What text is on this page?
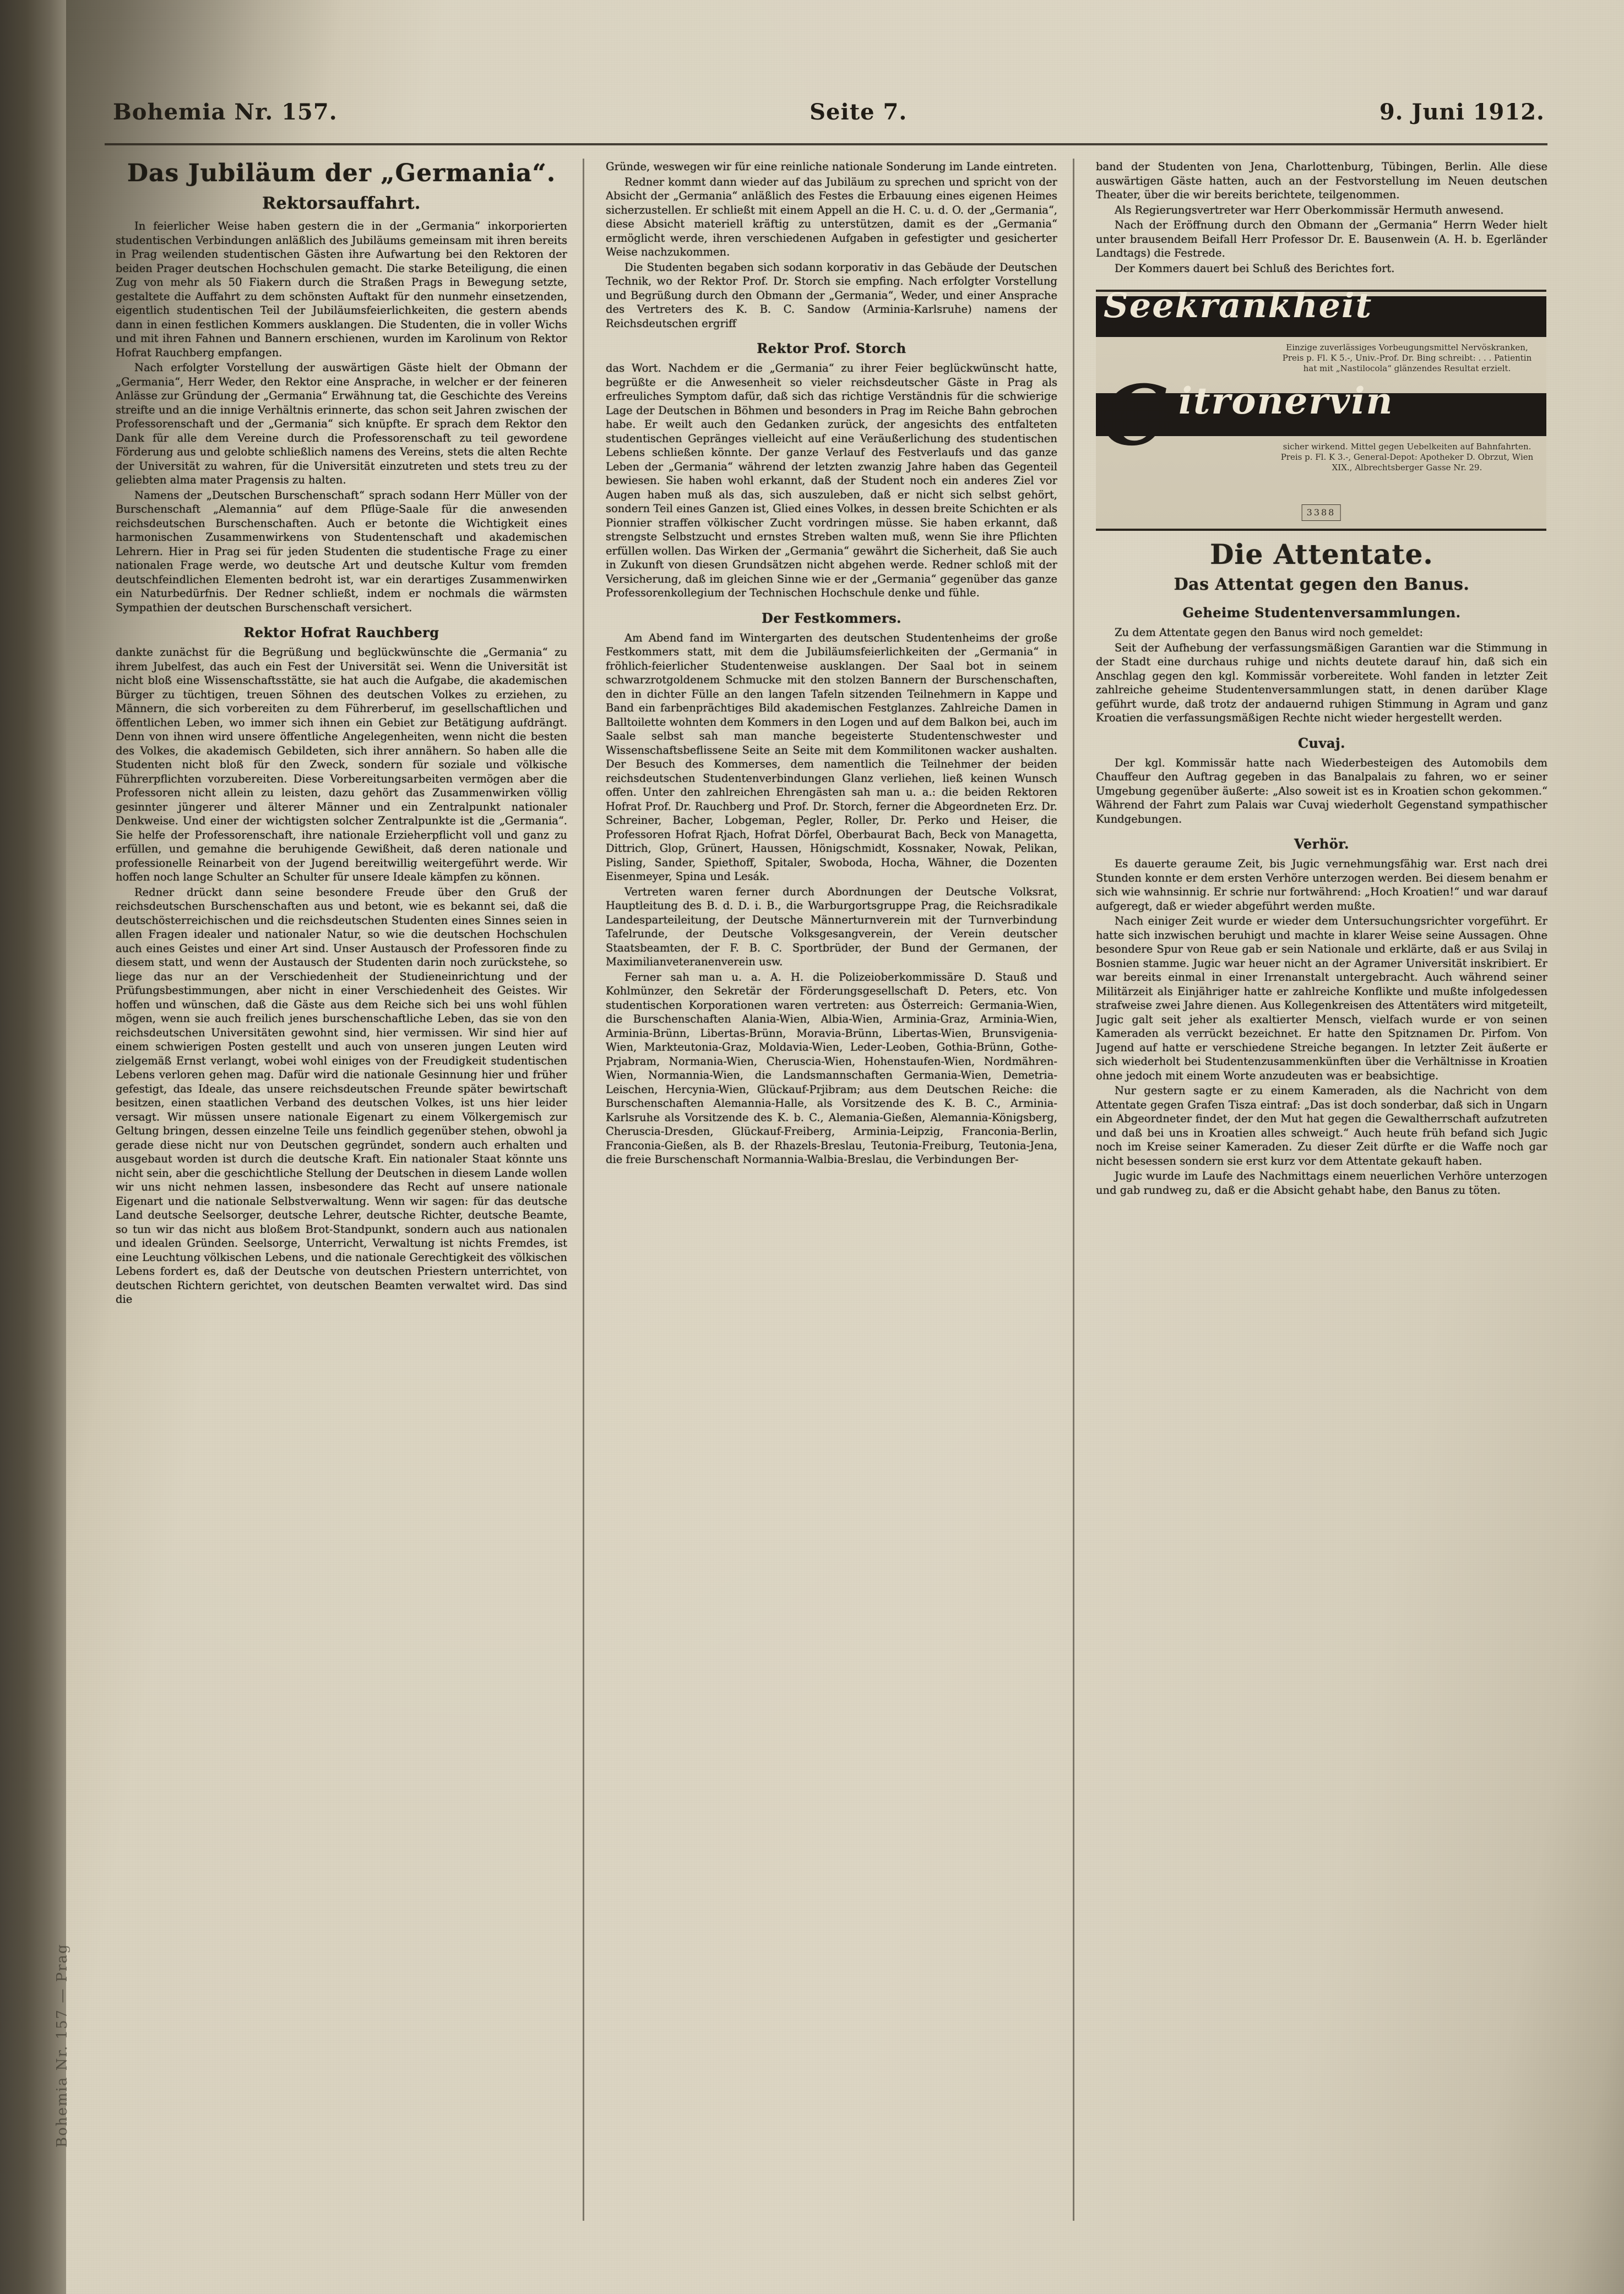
Bohemia Nr. 157 — Prag
Bohemia Nr. 157.	Seite 7.	9. Juni 1912.
Das Jubiläum der „Germania“.
Rektorsauffahrt.

In feierlicher Weise haben gestern die in der „Germania“ inkorporierten studentischen Verbindungen anläßlich des Jubiläums gemeinsam mit ihren bereits in Prag weilenden studentischen Gästen ihre Aufwartung bei den Rektoren der beiden Prager deutschen Hochschulen gemacht. Die starke Beteiligung, die einen Zug von mehr als 50 Fiakern durch die Straßen Prags in Bewegung setzte, gestaltete die Auffahrt zu dem schönsten Auftakt für den nunmehr einsetzenden, eigentlich studentischen Teil der Jubiläumsfeierlichkeiten, die gestern abends dann in einen festlichen Kommers ausklangen. Die Studenten, die in voller Wichs und mit ihren Fahnen und Bannern erschienen, wurden im Karolinum von Rektor Hofrat Rauchberg empfangen.

Nach erfolgter Vorstellung der auswärtigen Gäste hielt der Obmann der „Germania“, Herr Weder, den Rektor eine Ansprache, in welcher er der feineren Anlässe zur Gründung der „Germania“ Erwähnung tat, die Geschichte des Vereins streifte und an die innige Verhältnis erinnerte, das schon seit Jahren zwischen der Professorenschaft und der „Germania“ sich knüpfte. Er sprach dem Rektor den Dank für alle dem Vereine durch die Professorenschaft zu teil gewordene Förderung aus und gelobte schließlich namens des Vereins, stets die alten Rechte der Universität zu wahren, für die Universität einzutreten und stets treu zu der geliebten alma mater Pragensis zu halten.

Namens der „Deutschen Burschenschaft“ sprach sodann Herr Müller von der Burschenschaft „Alemannia“ auf dem Pflüge-Saale für die anwesenden reichsdeutschen Burschenschaften. Auch er betonte die Wichtigkeit eines harmonischen Zusammenwirkens von Studentenschaft und akademischen Lehrern. Hier in Prag sei für jeden Studenten die studentische Frage zu einer nationalen Frage werde, wo deutsche Art und deutsche Kultur vom fremden deutschfeindlichen Elementen bedroht ist, war ein derartiges Zusammenwirken ein Naturbedürfnis. Der Redner schließt, indem er nochmals die wärmsten Sympathien der deutschen Burschenschaft versichert.

Rektor Hofrat Rauchberg

dankte zunächst für die Begrüßung und beglückwünschte die „Germania“ zu ihrem Jubelfest, das auch ein Fest der Universität sei. Wenn die Universität ist nicht bloß eine Wissenschaftsstätte, sie hat auch die Aufgabe, die akademischen Bürger zu tüchtigen, treuen Söhnen des deutschen Volkes zu erziehen, zu Männern, die sich vorbereiten zu dem Führerberuf, im gesellschaftlichen und öffentlichen Leben, wo immer sich ihnen ein Gebiet zur Betätigung aufdrängt. Denn von ihnen wird unsere öffentliche Angelegenheiten, wenn nicht die besten des Volkes, die akademisch Gebildeten, sich ihrer annähern. So haben alle die Studenten nicht bloß für den Zweck, sondern für soziale und völkische Führerpflichten vorzubereiten. Diese Vorbereitungsarbeiten vermögen aber die Professoren nicht allein zu leisten, dazu gehört das Zusammenwirken völlig gesinnter jüngerer und älterer Männer und ein Zentralpunkt nationaler Denkweise. Und einer der wichtigsten solcher Zentralpunkte ist die „Germania“. Sie helfe der Professorenschaft, ihre nationale Erzieherpflicht voll und ganz zu erfüllen, und gemahne die beruhigende Gewißheit, daß deren nationale und professionelle Reinarbeit von der Jugend bereitwillig weitergeführt werde. Wir hoffen noch lange Schulter an Schulter für unsere Ideale kämpfen zu können.

Redner drückt dann seine besondere Freude über den Gruß der reichsdeutschen Burschenschaften aus und betont, wie es bekannt sei, daß die deutschösterreichischen und die reichsdeutschen Studenten eines Sinnes seien in allen Fragen idealer und nationaler Natur, so wie die deutschen Hochschulen auch eines Geistes und einer Art sind. Unser Austausch der Professoren finde zu diesem statt, und wenn der Austausch der Studenten darin noch zurückstehe, so liege das nur an der Verschiedenheit der Studieneinrichtung und der Prüfungsbestimmungen, aber nicht in einer Verschiedenheit des Geistes. Wir hoffen und wünschen, daß die Gäste aus dem Reiche sich bei uns wohl fühlen mögen, wenn sie auch freilich jenes burschenschaftliche Leben, das sie von den reichsdeutschen Universitäten gewohnt sind, hier vermissen. Wir sind hier auf einem schwierigen Posten gestellt und auch von unseren jungen Leuten wird zielgemäß Ernst verlangt, wobei wohl einiges von der Freudigkeit studentischen Lebens verloren gehen mag. Dafür wird die nationale Gesinnung hier und früher gefestigt, das Ideale, das unsere reichsdeutschen Freunde später bewirtschaft besitzen, einen staatlichen Verband des deutschen Volkes, ist uns hier leider versagt. Wir müssen unsere nationale Eigenart zu einem Völkergemisch zur Geltung bringen, dessen einzelne Teile uns feindlich gegenüber stehen, obwohl ja gerade diese nicht nur von Deutschen gegründet, sondern auch erhalten und ausgebaut worden ist durch die deutsche Kraft. Ein nationaler Staat könnte uns nicht sein, aber die geschichtliche Stellung der Deutschen in diesem Lande wollen wir uns nicht nehmen lassen, insbesondere das Recht auf unsere nationale Eigenart und die nationale Selbstverwaltung. Wenn wir sagen: für das deutsche Land deutsche Seelsorger, deutsche Lehrer, deutsche Richter, deutsche Beamte, so tun wir das nicht aus bloßem Brot-Standpunkt, sondern auch aus nationalen und idealen Gründen. Seelsorge, Unterricht, Verwaltung ist nichts Fremdes, ist eine Leuchtung völkischen Lebens, und die nationale Gerechtigkeit des völkischen Lebens fordert es, daß der Deutsche von deutschen Priestern unterrichtet, von deutschen Richtern gerichtet, von deutschen Beamten verwaltet wird. Das sind die

Gründe, weswegen wir für eine reinliche nationale Sonderung im Lande eintreten.

Redner kommt dann wieder auf das Jubiläum zu sprechen und spricht von der Absicht der „Germania“ anläßlich des Festes die Erbauung eines eigenen Heimes sicherzustellen. Er schließt mit einem Appell an die H. C. u. d. O. der „Germania“, diese Absicht materiell kräftig zu unterstützen, damit es der „Germania“ ermöglicht werde, ihren verschiedenen Aufgaben in gefestigter und gesicherter Weise nachzukommen.

Die Studenten begaben sich sodann korporativ in das Gebäude der Deutschen Technik, wo der Rektor Prof. Dr. Storch sie empfing. Nach erfolgter Vorstellung und Begrüßung durch den Obmann der „Germania“, Weder, und einer Ansprache des Vertreters des K. B. C. Sandow (Arminia-Karlsruhe) namens der Reichsdeutschen ergriff

Rektor Prof. Storch

das Wort. Nachdem er die „Germania“ zu ihrer Feier beglückwünscht hatte, begrüßte er die Anwesenheit so vieler reichsdeutscher Gäste in Prag als erfreuliches Symptom dafür, daß sich das richtige Verständnis für die schwierige Lage der Deutschen in Böhmen und besonders in Prag im Reiche Bahn gebrochen habe. Er weilt auch den Gedanken zurück, der angesichts des entfalteten studentischen Gepränges vielleicht auf eine Veräußerlichung des studentischen Lebens schließen könnte. Der ganze Verlauf des Festverlaufs und das ganze Leben der „Germania“ während der letzten zwanzig Jahre haben das Gegenteil bewiesen. Sie haben wohl erkannt, daß der Student noch ein anderes Ziel vor Augen haben muß als das, sich auszuleben, daß er nicht sich selbst gehört, sondern Teil eines Ganzen ist, Glied eines Volkes, in dessen breite Schichten er als Pionnier straffen völkischer Zucht vordringen müsse. Sie haben erkannt, daß strengste Selbstzucht und ernstes Streben walten muß, wenn Sie ihre Pflichten erfüllen wollen. Das Wirken der „Germania“ gewährt die Sicherheit, daß Sie auch in Zukunft von diesen Grundsätzen nicht abgehen werde. Redner schloß mit der Versicherung, daß im gleichen Sinne wie er der „Germania“ gegenüber das ganze Professorenkollegium der Technischen Hochschule denke und fühle.

Der Festkommers.

Am Abend fand im Wintergarten des deutschen Studentenheims der große Festkommers statt, mit dem die Jubiläumsfeierlichkeiten der „Germania“ in fröhlich-feierlicher Studentenweise ausklangen. Der Saal bot in seinem schwarzrotgoldenem Schmucke mit den stolzen Bannern der Burschenschaften, den in dichter Fülle an den langen Tafeln sitzenden Teilnehmern in Kappe und Band ein farbenprächtiges Bild akademischen Festglanzes. Zahlreiche Damen in Balltoilette wohnten dem Kommers in den Logen und auf dem Balkon bei, auch im Saale selbst sah man manche begeisterte Studentenschwester und Wissenschaftsbeflissene Seite an Seite mit dem Kommilitonen wacker aushalten. Der Besuch des Kommerses, dem namentlich die Teilnehmer der beiden reichsdeutschen Studentenverbindungen Glanz verliehen, ließ keinen Wunsch offen. Unter den zahlreichen Ehrengästen sah man u. a.: die beiden Rektoren Hofrat Prof. Dr. Rauchberg und Prof. Dr. Storch, ferner die Abgeordneten Erz. Dr. Schreiner, Bacher, Lobgeman, Pegler, Roller, Dr. Perko und Heiser, die Professoren Hofrat Rjach, Hofrat Dörfel, Oberbaurat Bach, Beck von Managetta, Dittrich, Glop, Grünert, Haussen, Hönigschmidt, Kossnaker, Nowak, Pelikan, Pisling, Sander, Spiethoff, Spitaler, Swoboda, Hocha, Wähner, die Dozenten Eisenmeyer, Spina und Lesák.

Vertreten waren ferner durch Abordnungen der Deutsche Volksrat, Hauptleitung des B. d. D. i. B., die Warburgortsgruppe Prag, die Reichsradikale Landesparteileitung, der Deutsche Männerturnverein mit der Turnverbindung Tafelrunde, der Deutsche Volksgesangverein, der Verein deutscher Staatsbeamten, der F. B. C. Sportbrüder, der Bund der Germanen, der Maximilianveteranenverein usw.

Ferner sah man u. a. A. H. die Polizeioberkommissäre D. Stauß und Kohlmünzer, den Sekretär der Förderungsgesellschaft D. Peters, etc. Von studentischen Korporationen waren vertreten: aus Österreich: Germania-Wien, die Burschenschaften Alania-Wien, Albia-Wien, Arminia-Graz, Arminia-Wien, Arminia-Brünn, Libertas-Brünn, Moravia-Brünn, Libertas-Wien, Brunsvigenia-Wien, Markteutonia-Graz, Moldavia-Wien, Leder-Leoben, Gothia-Brünn, Gothe-Prjabram, Normania-Wien, Cheruscia-Wien, Hohenstaufen-Wien, Nordmähren-Wien, Normannia-Wien, die Landsmannschaften Germania-Wien, Demetria-Leischen, Hercynia-Wien, Glückauf-Prjibram; aus dem Deutschen Reiche: die Burschenschaften Alemannia-Halle, als Vorsitzende des K. B. C., Arminia-Karlsruhe als Vorsitzende des K. b. C., Alemania-Gießen, Alemannia-Königsberg, Cheruscia-Dresden, Glückauf-Freiberg, Arminia-Leipzig, Franconia-Berlin, Franconia-Gießen, als B. der Rhazels-Breslau, Teutonia-Freiburg, Teutonia-Jena, die freie Burschenschaft Normannia-Walbia-Breslau, die Verbindungen Ber-

band der Studenten von Jena, Charlottenburg, Tübingen, Berlin. Alle diese auswärtigen Gäste hatten, auch an der Festvorstellung im Neuen deutschen Theater, über die wir bereits berichtete, teilgenommen.

Als Regierungsvertreter war Herr Oberkommissär Hermuth anwesend.

Nach der Eröffnung durch den Obmann der „Germania“ Herrn Weder hielt unter brausendem Beifall Herr Professor Dr. E. Bausenwein (A. H. b. Egerländer Landtags) die Festrede.

Der Kommers dauert bei Schluß des Berichtes fort.

Seekrankheit
C itronervin
Einzige zuverlässiges Vorbeugungsmittel Nervöskranken, Preis p. Fl. K 5.-, Univ.-Prof. Dr. Bing schreibt: . . . Patientin hat mit „Nastilocola“ glänzendes Resultat erzielt.
sicher wirkend. Mittel gegen Uebelkeiten auf Bahnfahrten. Preis p. Fl. K 3.-, General-Depot: Apotheker D. Obrzut, Wien XIX., Albrechtsberger Gasse Nr. 29.
3388
Die Attentate.
Das Attentat gegen den Banus.
Geheime Studentenversammlungen.

Zu dem Attentate gegen den Banus wird noch gemeldet:

Seit der Aufhebung der verfassungsmäßigen Garantien war die Stimmung in der Stadt eine durchaus ruhige und nichts deutete darauf hin, daß sich ein Anschlag gegen den kgl. Kommissär vorbereitete. Wohl fanden in letzter Zeit zahlreiche geheime Studentenversammlungen statt, in denen darüber Klage geführt wurde, daß trotz der andauernd ruhigen Stimmung in Agram und ganz Kroatien die verfassungsmäßigen Rechte nicht wieder hergestellt werden.

Cuvaj.

Der kgl. Kommissär hatte nach Wiederbesteigen des Automobils dem Chauffeur den Auftrag gegeben in das Banalpalais zu fahren, wo er seiner Umgebung gegenüber äußerte: „Also soweit ist es in Kroatien schon gekommen.“ Während der Fahrt zum Palais war Cuvaj wiederholt Gegenstand sympathischer Kundgebungen.

Verhör.

Es dauerte geraume Zeit, bis Jugic vernehmungsfähig war. Erst nach drei Stunden konnte er dem ersten Verhöre unterzogen werden. Bei diesem benahm er sich wie wahnsinnig. Er schrie nur fortwährend: „Hoch Kroatien!“ und war darauf aufgeregt, daß er wieder abgeführt werden mußte.

Nach einiger Zeit wurde er wieder dem Untersuchungsrichter vorgeführt. Er hatte sich inzwischen beruhigt und machte in klarer Weise seine Aussagen. Ohne besondere Spur von Reue gab er sein Nationale und erklärte, daß er aus Svilaj in Bosnien stamme. Jugic war heuer nicht an der Agramer Universität inskribiert. Er war bereits einmal in einer Irrenanstalt untergebracht. Auch während seiner Militärzeit als Einjähriger hatte er zahlreiche Konflikte und mußte infolgedessen strafweise zwei Jahre dienen. Aus Kollegenkreisen des Attentäters wird mitgeteilt, Jugic galt seit jeher als exaltierter Mensch, vielfach wurde er von seinen Kameraden als verrückt bezeichnet. Er hatte den Spitznamen Dr. Pirfom. Von Jugend auf hatte er verschiedene Streiche begangen. In letzter Zeit äußerte er sich wiederholt bei Studentenzusammenkünften über die Verhältnisse in Kroatien ohne jedoch mit einem Worte anzudeuten was er beabsichtige.

Nur gestern sagte er zu einem Kameraden, als die Nachricht von dem Attentate gegen Grafen Tisza eintraf: „Das ist doch sonderbar, daß sich in Ungarn ein Abgeordneter findet, der den Mut hat gegen die Gewaltherrschaft aufzutreten und daß bei uns in Kroatien alles schweigt.“ Auch heute früh befand sich Jugic noch im Kreise seiner Kameraden. Zu dieser Zeit dürfte er die Waffe noch gar nicht besessen sondern sie erst kurz vor dem Attentate gekauft haben.

Jugic wurde im Laufe des Nachmittags einem neuerlichen Verhöre unterzogen und gab rundweg zu, daß er die Absicht gehabt habe, den Banus zu töten.
